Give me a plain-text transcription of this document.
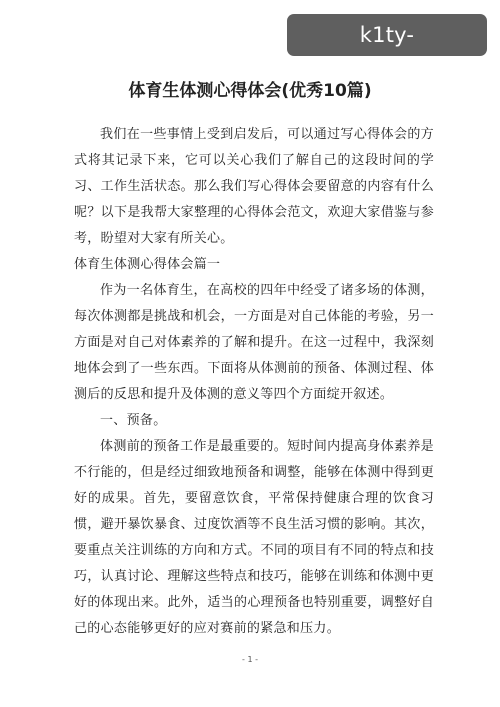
k1ty-champion.com
体育生体测心得体会(优秀10篇)

我们在一些事情上受到启发后，可以通过写心得体会的方式将其记录下来，它可以关心我们了解自己的这段时间的学习、工作生活状态。那么我们写心得体会要留意的内容有什么呢？以下是我帮大家整理的心得体会范文，欢迎大家借鉴与参考，盼望对大家有所关心。

体育生体测心得体会篇一

作为一名体育生，在高校的四年中经受了诸多场的体测，每次体测都是挑战和机会，一方面是对自己体能的考验，另一方面是对自己对体素养的了解和提升。在这一过程中，我深刻地体会到了一些东西。下面将从体测前的预备、体测过程、体测后的反思和提升及体测的意义等四个方面绽开叙述。

一、预备。

体测前的预备工作是最重要的。短时间内提高身体素养是不行能的，但是经过细致地预备和调整，能够在体测中得到更好的成果。首先，要留意饮食，平常保持健康合理的饮食习惯，避开暴饮暴食、过度饮酒等不良生活习惯的影响。其次，要重点关注训练的方向和方式。不同的项目有不同的特点和技巧，认真讨论、理解这些特点和技巧，能够在训练和体测中更好的体现出来。此外，适当的心理预备也特别重要，调整好自己的心态能够更好的应对赛前的紧急和压力。

- 1 -
